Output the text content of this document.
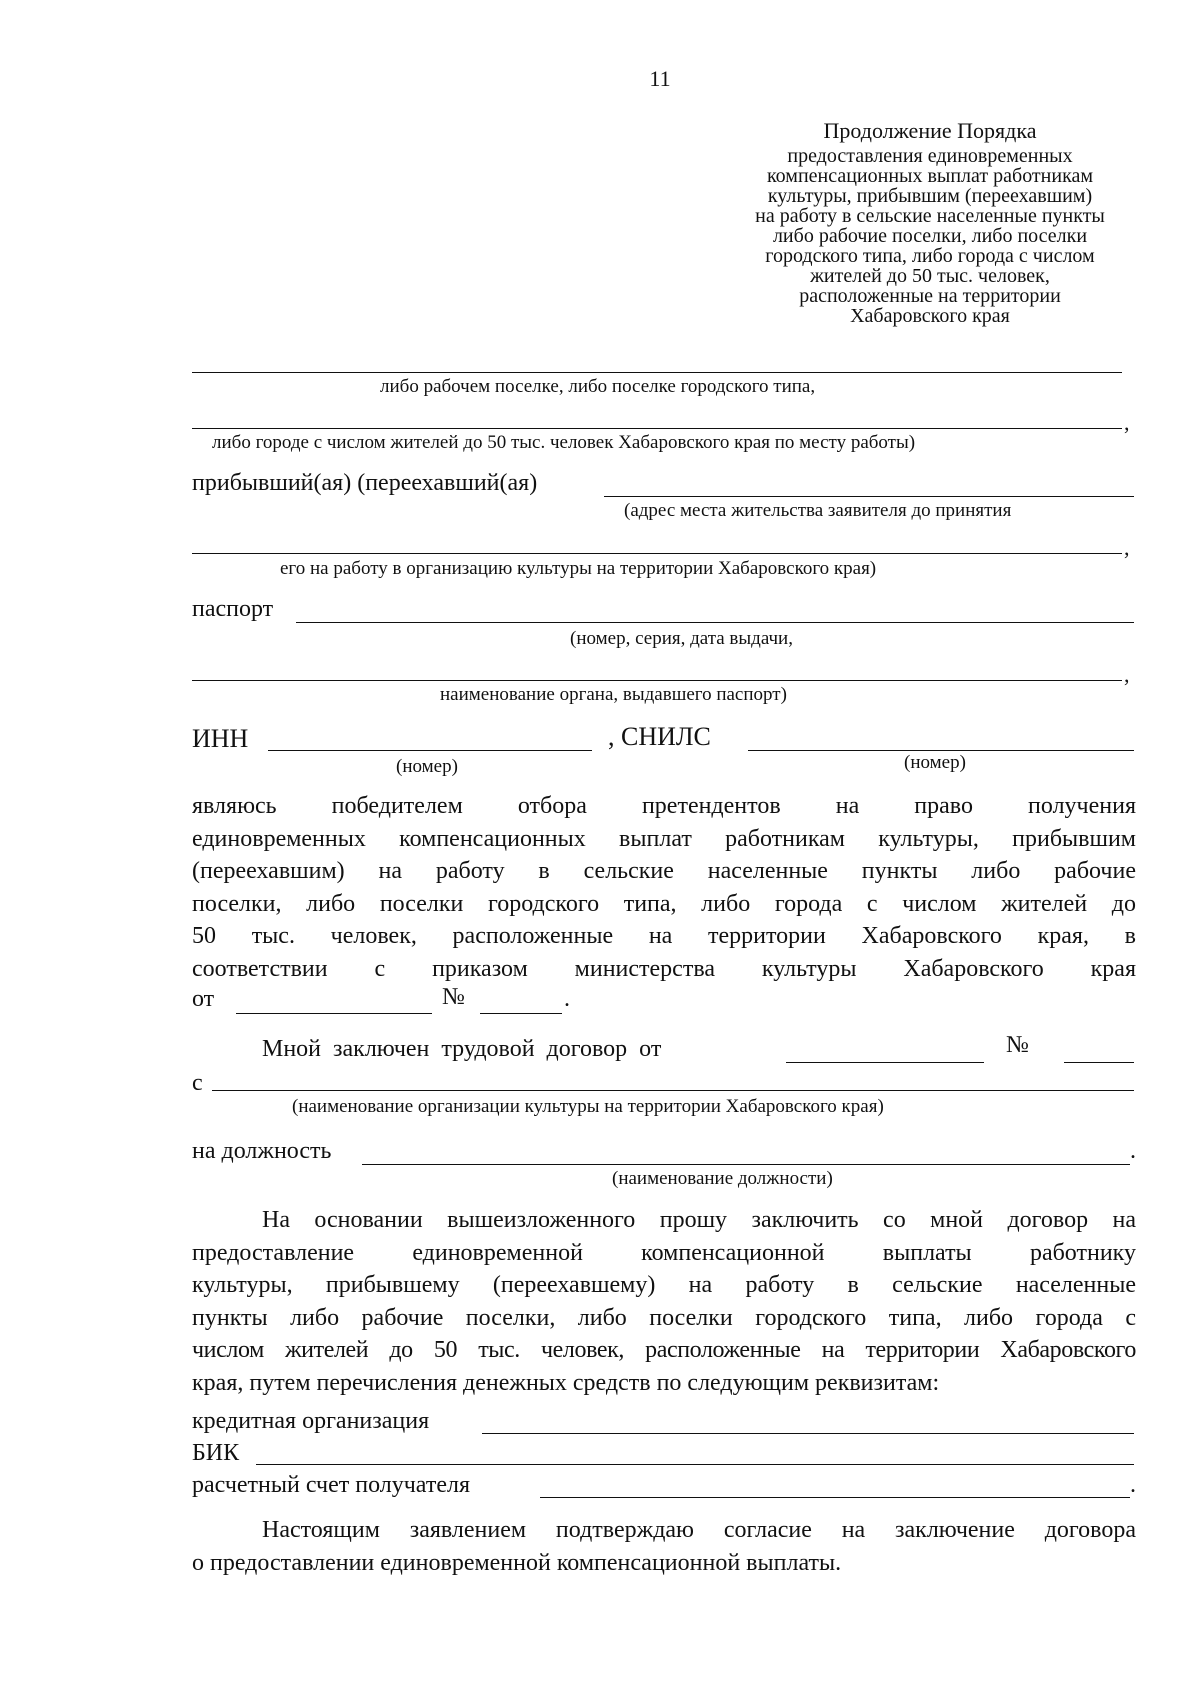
11
Продолжение Порядка
предоставления единовременных
компенсационных выплат работникам
культуры, прибывшим (переехавшим)
на работу в сельские населенные пункты
либо рабочие поселки, либо поселки
городского типа, либо города с числом
жителей до 50 тыс. человек,
расположенные на территории
Хабаровского края
либо рабочем поселке, либо поселке городского типа,
,
либо городе с числом жителей до 50 тыс. человек Хабаровского края по месту работы)
прибывший(ая) (переехавший(ая)
(адрес места жительства заявителя до принятия
,
его на работу в организацию культуры на территории Хабаровского края)
паспорт
(номер, серия, дата выдачи,
,
наименование органа, выдавшего паспорт)
ИНН	, СНИЛС
(номер)	(номер)
являюсь победителем отбора претендентов на право получения
единовременных компенсационных выплат работникам культуры, прибывшим
(переехавшим) на работу в сельские населенные пункты либо рабочие
поселки, либо поселки городского типа, либо города с числом жителей до
50 тыс. человек, расположенные на территории Хабаровского края, в
соответствии с приказом министерства культуры Хабаровского края
от	№	.
Мной заключен трудовой договор от	№
с
(наименование организации культуры на территории Хабаровского края)
на должность	.
(наименование должности)
На основании вышеизложенного прошу заключить со мной договор на
предоставление единовременной компенсационной выплаты работнику
культуры, прибывшему (переехавшему) на работу в сельские населенные
пункты либо рабочие поселки, либо поселки городского типа, либо города с
числом жителей до 50 тыс. человек, расположенные на территории Хабаровского
края, путем перечисления денежных средств по следующим реквизитам:
кредитная организация
БИК
расчетный счет получателя	.
Настоящим заявлением подтверждаю согласие на заключение договора
о предоставлении единовременной компенсационной выплаты.
